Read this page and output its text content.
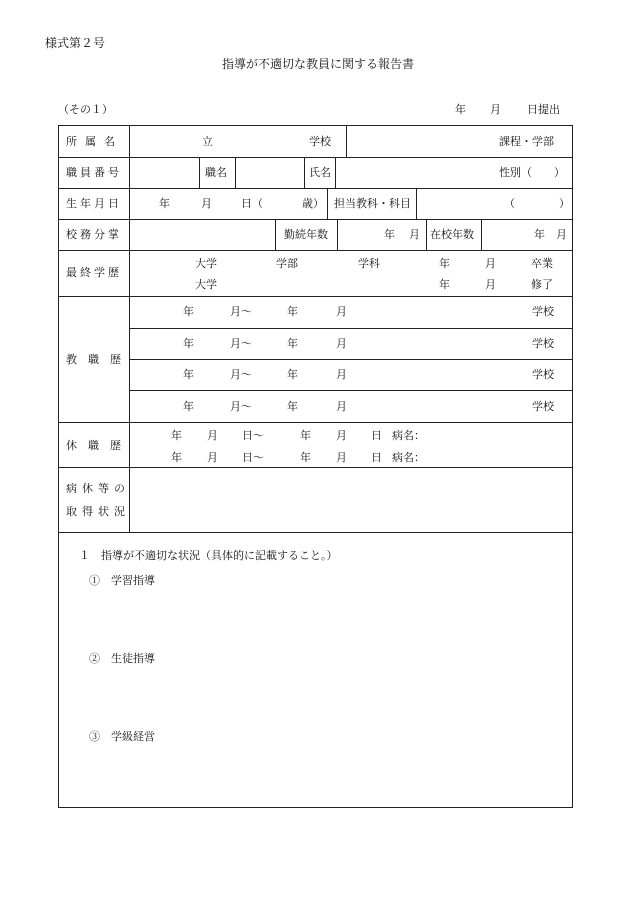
様式第２号
指導が不適切な教員に関する報告書
（その１）	年 月 日提出
所属名	立	学校	課程・学部
職員番号	職名	氏名	性別（　　）
生年月日	年	月	日（	歳） 担当教科・科目	（　　　　）
校務分掌	勤続年数	年 月 在校年数	年 月
最終学歴
大学	学部	学科	年	月	卒業
大学	年	月	修了
教職歴
年	月～	年	月	学校
年	月～	年	月	学校
年	月～	年	月	学校
年	月～	年	月	学校
休職歴
年 月 日～	年 月 日 病名：
年 月 日～	年 月 日 病名：
病休等の
取得状況
１　指導が不適切な状況（具体的に記載すること。）
①　学習指導
②　生徒指導
③　学級経営
